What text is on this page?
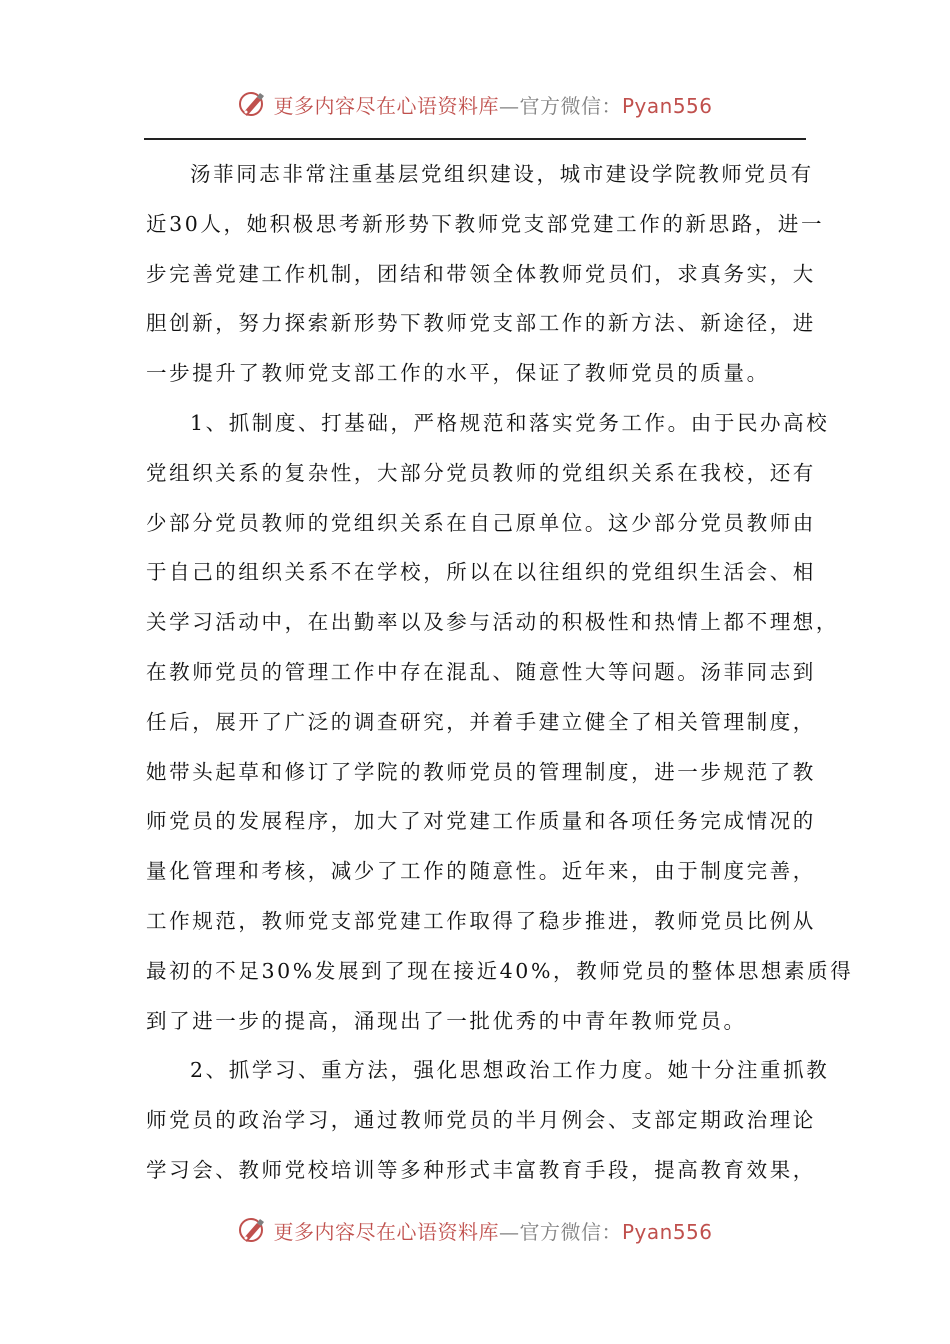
更多内容尽在心语资料库—官方微信：Pyan556
汤菲同志非常注重基层党组织建设，城市建设学院教师党员有
近30人，她积极思考新形势下教师党支部党建工作的新思路，进一
步完善党建工作机制，团结和带领全体教师党员们，求真务实，大
胆创新，努力探索新形势下教师党支部工作的新方法、新途径，进
一步提升了教师党支部工作的水平，保证了教师党员的质量。
1、抓制度、打基础，严格规范和落实党务工作。由于民办高校
党组织关系的复杂性，大部分党员教师的党组织关系在我校，还有
少部分党员教师的党组织关系在自己原单位。这少部分党员教师由
于自己的组织关系不在学校，所以在以往组织的党组织生活会、相
关学习活动中，在出勤率以及参与活动的积极性和热情上都不理想，
在教师党员的管理工作中存在混乱、随意性大等问题。汤菲同志到
任后，展开了广泛的调查研究，并着手建立健全了相关管理制度，
她带头起草和修订了学院的教师党员的管理制度，进一步规范了教
师党员的发展程序，加大了对党建工作质量和各项任务完成情况的
量化管理和考核，减少了工作的随意性。近年来，由于制度完善，
工作规范，教师党支部党建工作取得了稳步推进，教师党员比例从
最初的不足30%发展到了现在接近40%，教师党员的整体思想素质得
到了进一步的提高，涌现出了一批优秀的中青年教师党员。
2、抓学习、重方法，强化思想政治工作力度。她十分注重抓教
师党员的政治学习，通过教师党员的半月例会、支部定期政治理论
学习会、教师党校培训等多种形式丰富教育手段，提高教育效果，
更多内容尽在心语资料库—官方微信：Pyan556
